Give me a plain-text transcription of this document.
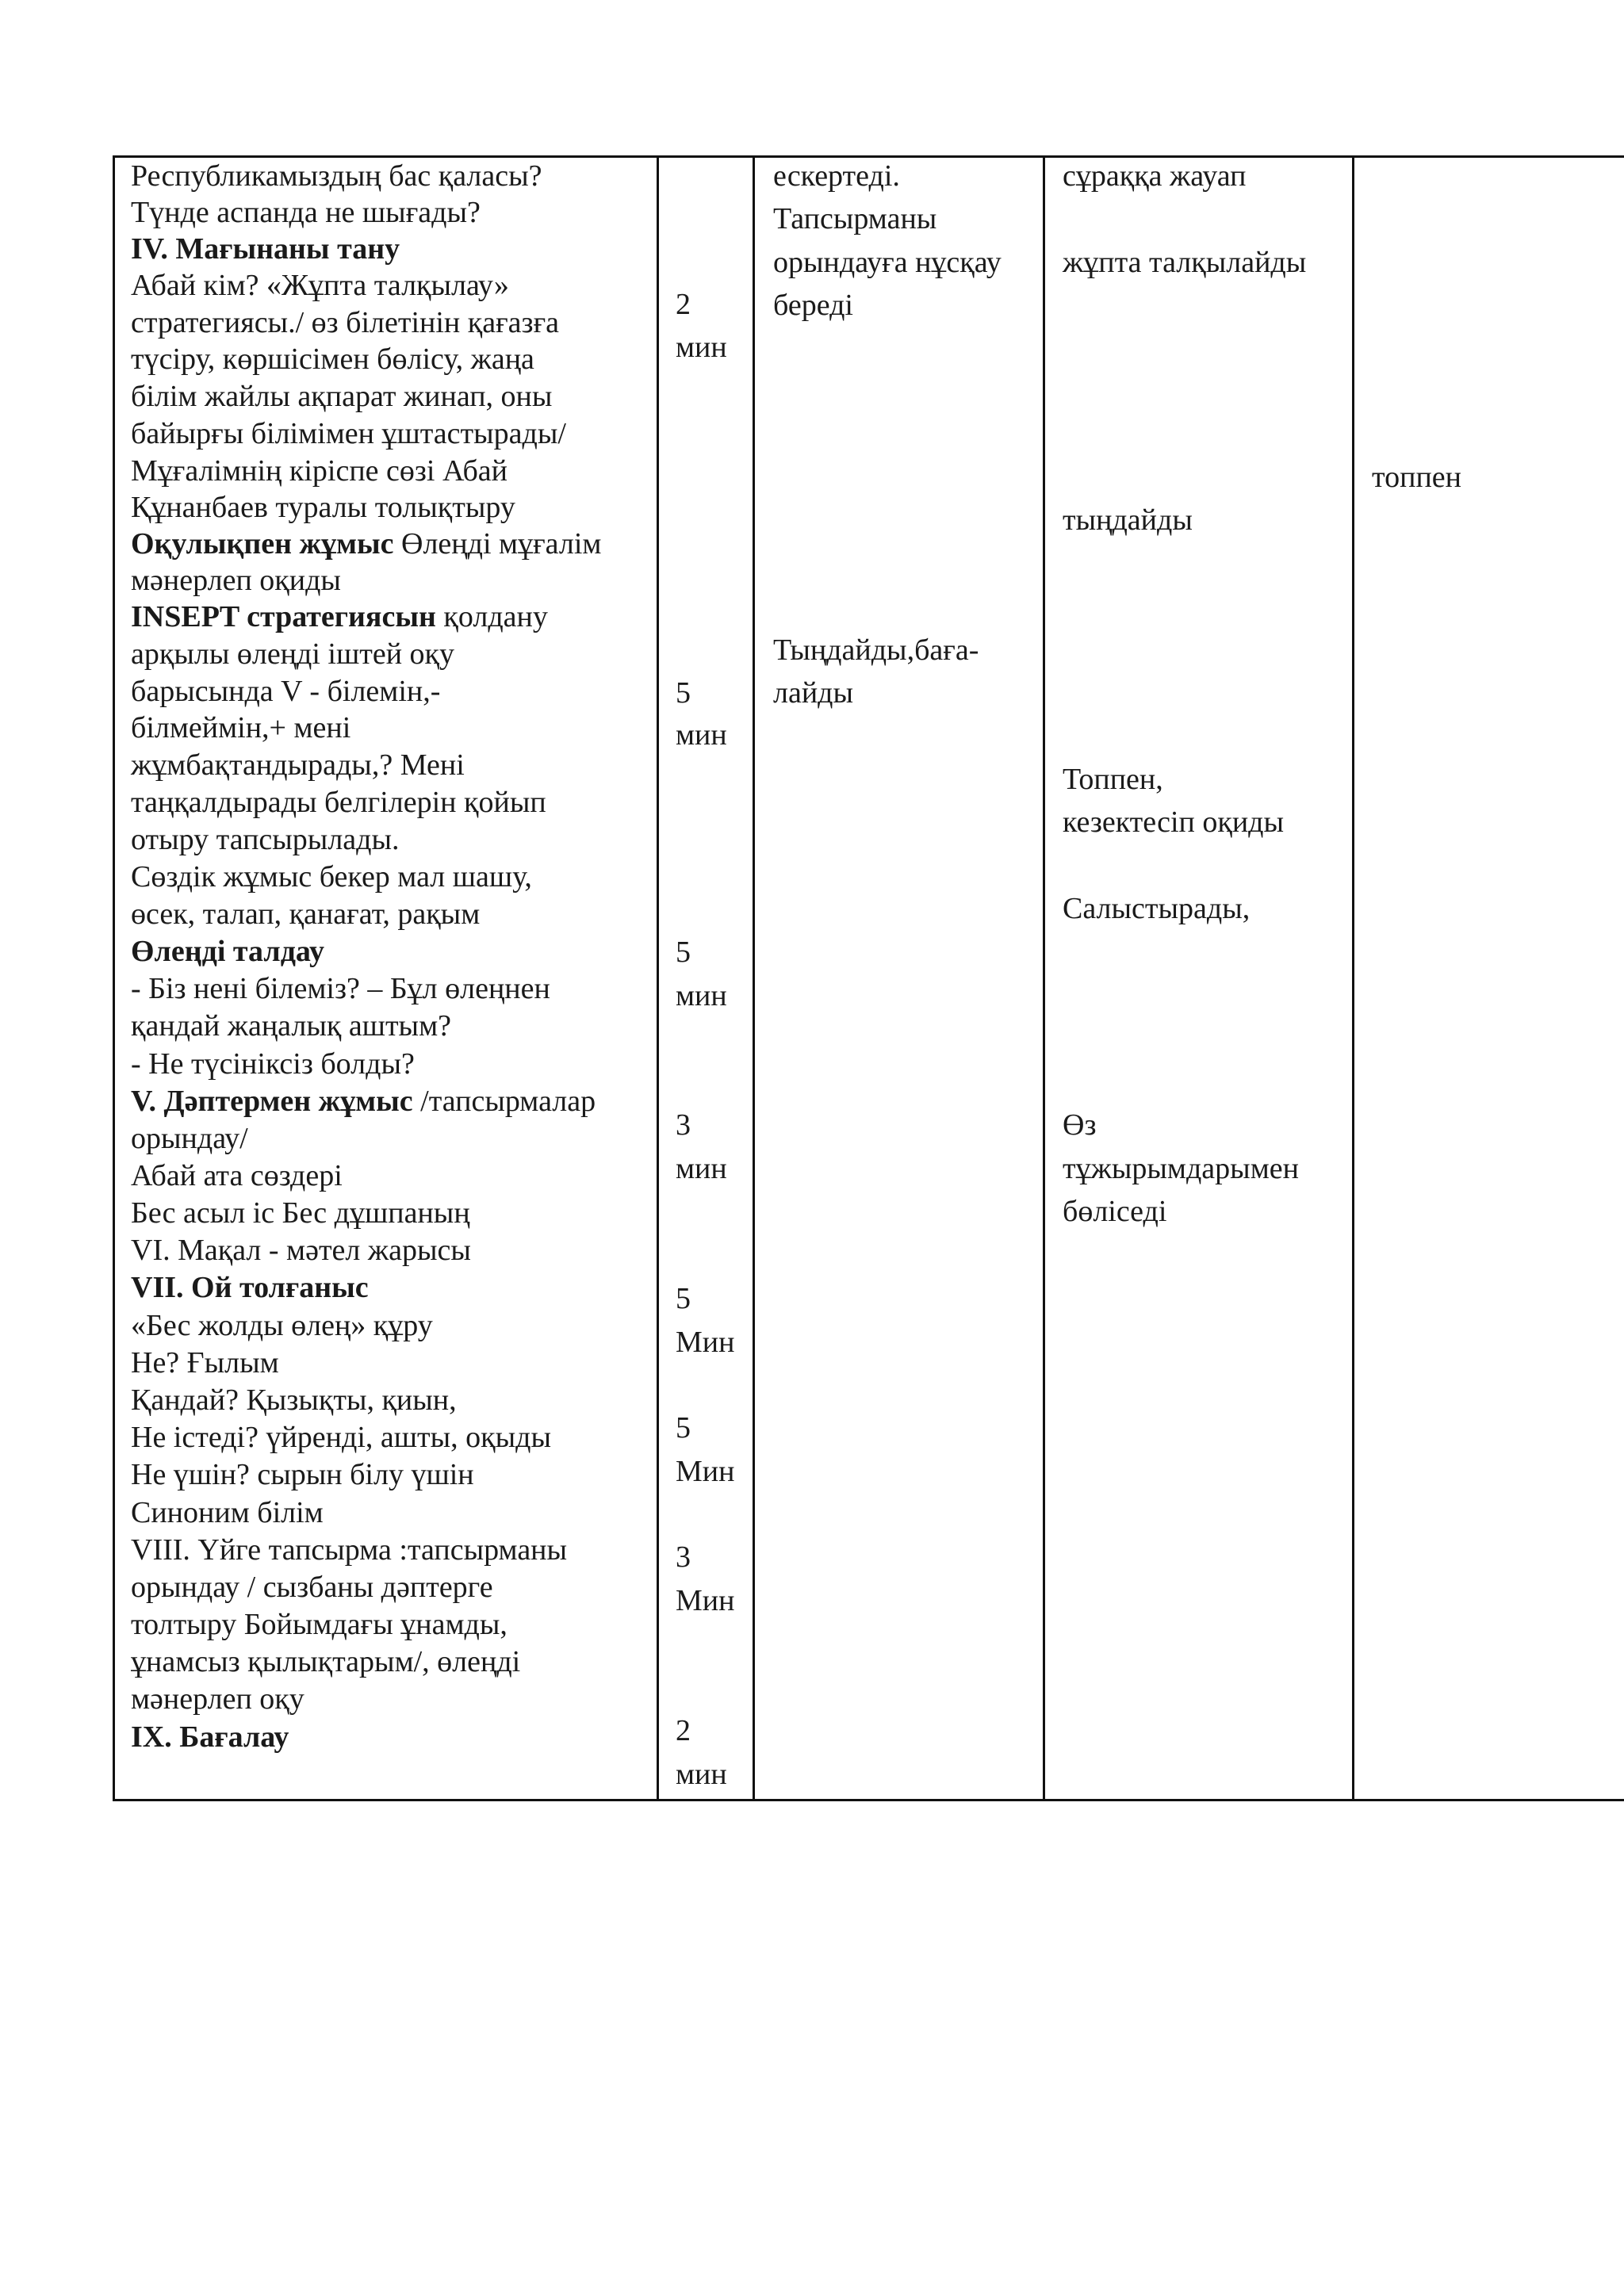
Республикамыздың бас қаласы?

Түнде аспанда не шығады?

IV. Мағынаны тану

Абай кім? «Жұпта талқылау»

стратегиясы./ өз білетінін қағазға

түсіру, көршісімен бөлісу, жаңа

білім жайлы ақпарат жинап, оны

байырғы білімімен ұштастырады/

Мұғалімнің кіріспе сөзі Абай

Құнанбаев туралы толықтыру

Оқулықпен жұмыс Өлеңді мұғалім

мәнерлеп оқиды

INSEPT стратегиясын қолдану

арқылы өлеңді іштей оқу

барысында V - білемін,-

білмеймін,+ мені

жұмбақтандырады,? Мені

таңқалдырады белгілерін қойып

отыру тапсырылады.

Сөздік жұмыс бекер мал шашу,

өсек, талап, қанағат, рақым

Өлеңді талдау

- Біз нені білеміз? – Бұл өлеңнен

қандай жаңалық аштым?

- Не түсініксіз болды?

V. Дәптермен жұмыс /тапсырмалар

орындау/

Абай ата сөздері

Бес асыл іс Бес дұшпаның

VI. Мақал - мәтел жарысы

VII. Ой толғаныс

«Бес жолды өлең» құру

Не? Ғылым

Қандай? Қызықты, қиын,

Не істеді? үйренді, ашты, оқыды

Не үшін? сырын білу үшін

Синоним білім

VIII. Үйге тапсырма :тапсырманы

орындау / сызбаны дәптерге

толтыру Бойымдағы ұнамды,

ұнамсыз қылықтарым/, өлеңді

мәнерлеп оқу

IX. Бағалау

2

мин

5

мин

5

мин

3

мин

5

Мин

5

Мин

3

Мин

2

мин

ескертеді.

Тапсырманы

орындауға нұсқау

береді

Тыңдайды,баға-

лайды

сұраққа жауап

жұпта талқылайды

тыңдайды

Топпен,

кезектесіп оқиды

Салыстырады,

Өз

тұжырымдарымен

бөліседі

топпен
